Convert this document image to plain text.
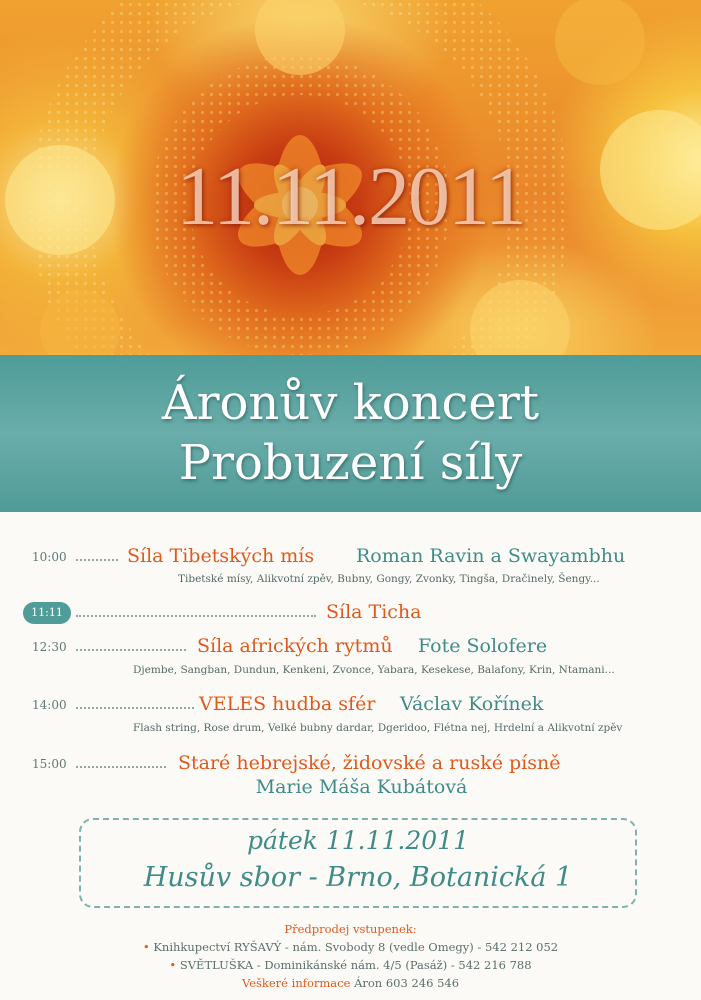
11.11.2011
Áronův koncert
Probuzení síly
10:00	Síla Tibetských mís Roman Ravin a Swayambhu
Tibetské mísy, Alikvotní zpěv, Bubny, Gongy, Zvonky, Tingša, Dračinely, Šengy...
11:11	Síla Ticha
12:30	Síla afrických rytmů Fote Solofere
Djembe, Sangban, Dundun, Kenkeni, Zvonce, Yabara, Kesekese, Balafony, Krin, Ntamani...
14:00	VELES hudba sfér Václav Kořínek
Flash string, Rose drum, Velké bubny dardar, Dgeridoo, Flétna nej, Hrdelní a Alikvotní zpěv
15:00	Staré hebrejské, židovské a ruské písně
Marie Máša Kubátová
pátek 11.11.2011
Husův sbor - Brno, Botanická 1
Předprodej vstupenek:
• Knihkupectví RYŠAVÝ - nám. Svobody 8 (vedle Omegy) - 542 212 052
• SVĚTLUŠKA - Dominikánské nám. 4/5 (Pasáž) - 542 216 788
Veškeré informace Áron 603 246 546
